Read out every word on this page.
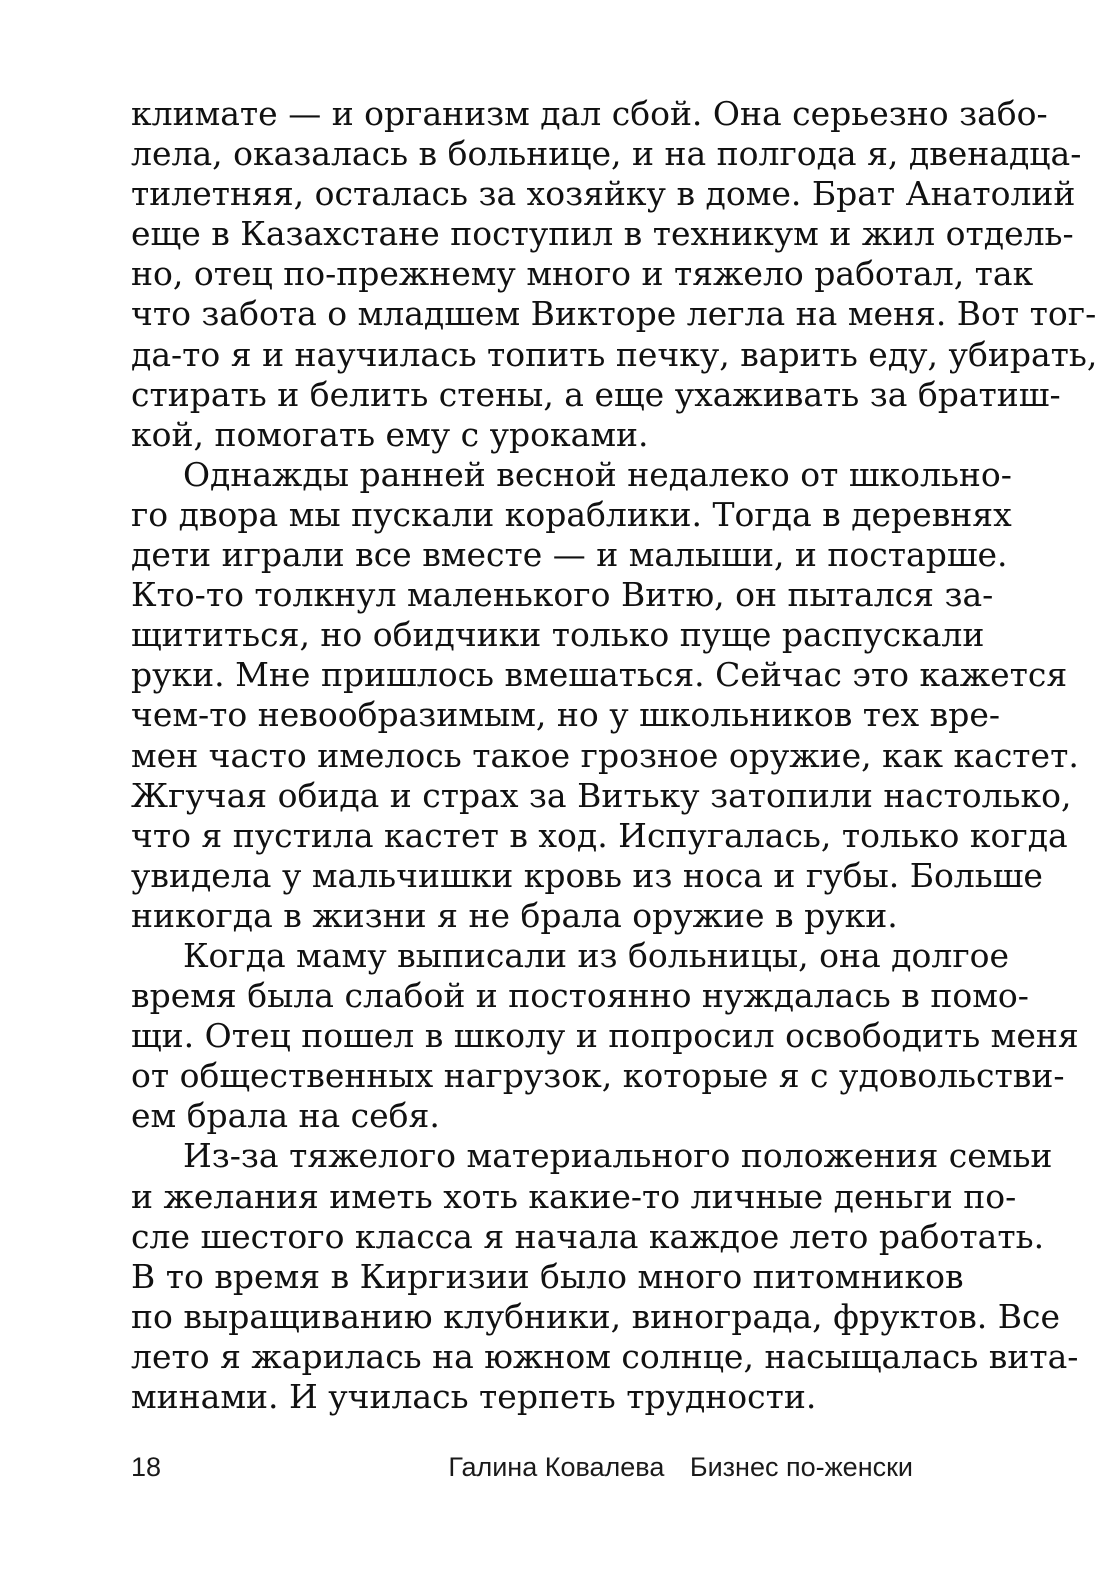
климате — и организм дал сбой. Она серьезно забо-
лела, оказалась в больнице, и на полгода я, двенадца-
тилетняя, осталась за хозяйку в доме. Брат Анатолий
еще в Казахстане поступил в техникум и жил отдель-
но, отец по-прежнему много и тяжело работал, так
что забота о младшем Викторе легла на меня. Вот тог-
да-то я и научилась топить печку, варить еду, убирать,
стирать и белить стены, а еще ухаживать за братиш-
кой, помогать ему с уроками.
Однажды ранней весной недалеко от школьно-
го двора мы пускали кораблики. Тогда в деревнях
дети играли все вместе — и малыши, и постарше.
Кто-то толкнул маленького Витю, он пытался за-
щититься, но обидчики только пуще распускали
руки. Мне пришлось вмешаться. Сейчас это кажется
чем-то невообразимым, но у школьников тех вре-
мен часто имелось такое грозное оружие, как кастет.
Жгучая обида и страх за Витьку затопили настолько,
что я пустила кастет в ход. Испугалась, только когда
увидела у мальчишки кровь из носа и губы. Больше
никогда в жизни я не брала оружие в руки.
Когда маму выписали из больницы, она долгое
время была слабой и постоянно нуждалась в помо-
щи. Отец пошел в школу и попросил освободить меня
от общественных нагрузок, которые я с удовольстви-
ем брала на себя.
Из-за тяжелого материального положения семьи
и желания иметь хоть какие-то личные деньги по-
сле шестого класса я начала каждое лето работать.
В то время в Киргизии было много питомников
по выращиванию клубники, винограда, фруктов. Все
лето я жарилась на южном солнце, насыщалась вита-
минами. И училась терпеть трудности.
18	Галина Ковалева Бизнес по-женски
